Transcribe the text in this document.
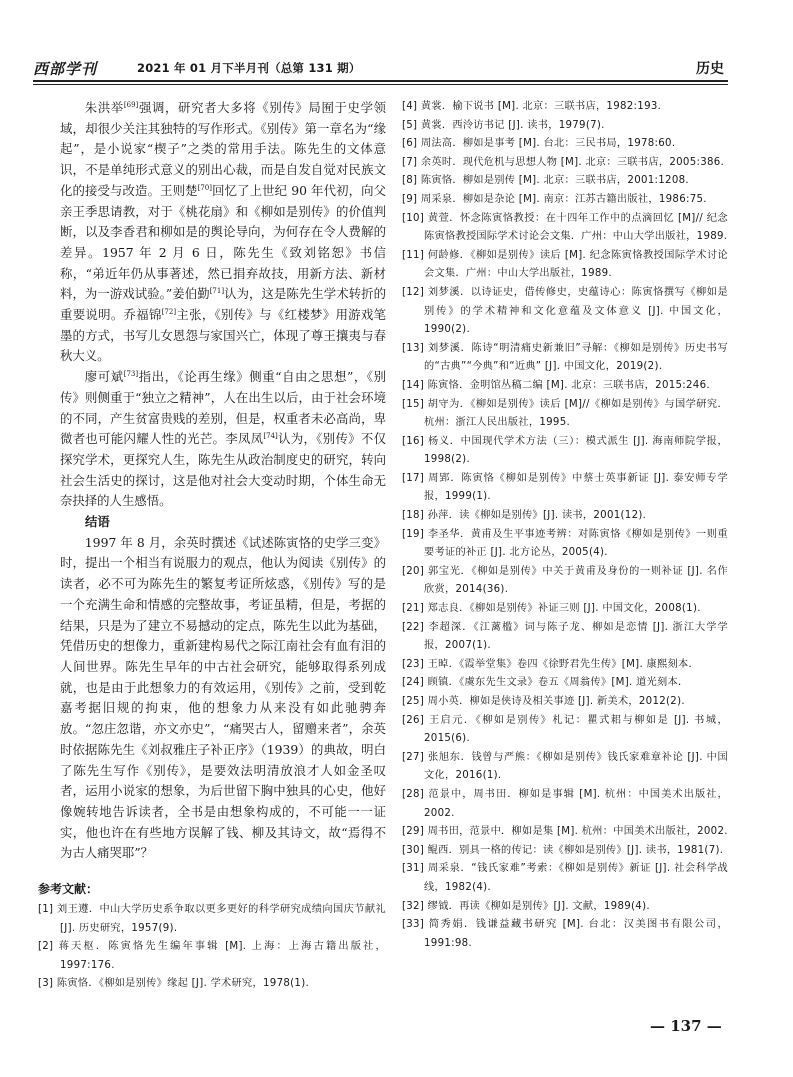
西部学刊	2021 年 01 月下半月刊（总第 131 期）	历史

朱洪举[69]强调，研究者大多将《别传》局囿于史学领域，却很少关注其独特的写作形式。《别传》第一章名为“缘起”，是小说家“楔子”之类的常用手法。陈先生的文体意识，不是单纯形式意义的别出心裁，而是自发自觉对民族文化的接受与改造。王则楚[70]回忆了上世纪 90 年代初，向父亲王季思请教，对于《桃花扇》和《柳如是别传》的价值判断，以及李香君和柳如是的舆论导向，为何存在令人费解的差异。1957 年 2 月 6 日，陈先生《致刘铭恕》书信称，“弟近年仍从事著述，然已捐弃故技，用新方法、新材料，为一游戏试验。”姜伯勤[71]认为，这是陈先生学术转折的重要说明。乔福锦[72]主张，《别传》与《红楼梦》用游戏笔墨的方式，书写儿女恩怨与家国兴亡，体现了尊王攘夷与春秋大义。

廖可斌[73]指出，《论再生缘》侧重“自由之思想”，《别传》则侧重于“独立之精神”，人在出生以后，由于社会环境的不同，产生贫富贵贱的差别，但是，权重者未必高尚，卑微者也可能闪耀人性的光芒。李凤凤[74]认为，《别传》不仅探究学术，更探究人生，陈先生从政治制度史的研究，转向社会生活史的探讨，这是他对社会大变动时期，个体生命无奈抉择的人生感悟。

结语

1997 年 8 月，余英时撰述《试述陈寅恪的史学三变》时，提出一个相当有说服力的观点，他认为阅读《别传》的读者，必不可为陈先生的繁复考证所炫惑，《别传》写的是一个充满生命和情感的完整故事，考证虽精，但是，考据的结果，只是为了建立不易撼动的定点，陈先生以此为基础，凭借历史的想像力，重新建构易代之际江南社会有血有泪的人间世界。陈先生早年的中古社会研究，能够取得系列成就，也是由于此想象力的有效运用，《别传》之前，受到乾嘉考据旧规的拘束，他的想象力从来没有如此驰骋奔放。“忽庄忽谐，亦文亦史”，“痛哭古人，留赠来者”，余英时依据陈先生《刘叔雅庄子补正序》（1939）的典故，明白了陈先生写作《别传》，是要效法明清放浪才人如金圣叹者，运用小说家的想象，为后世留下胸中独具的心史，他好像婉转地告诉读者，全书是由想象构成的，不可能一一证实，他也许在有些地方误解了钱、柳及其诗文，故“焉得不为古人痛哭耶”？

参考文献：
[1] 刘王遵．中山大学历史系争取以更多更好的科学研究成绩向国庆节献礼 [J]. 历史研究，1957(9).
[2] 蒋天枢．陈寅恪先生编年事辑 [M]. 上海：上海古籍出版社，1997:176.
[3] 陈寅恪．《柳如是别传》缘起 [J]. 学术研究，1978(1).
[4] 黄裳．榆下说书 [M]. 北京：三联书店，1982:193.
[5] 黄裳．西泠访书记 [J]. 读书，1979(7).
[6] 周法高．柳如是事考 [M]. 台北：三民书局，1978:60.
[7] 余英时．现代危机与思想人物 [M]. 北京：三联书店，2005:386.
[8] 陈寅恪．柳如是别传 [M]. 北京：三联书店，2001:1208.
[9] 周采泉．柳如是杂论 [M]. 南京：江苏古籍出版社，1986:75.
[10] 黄萱．怀念陈寅恪教授：在十四年工作中的点滴回忆 [M]// 纪念陈寅恪教授国际学术讨论会文集．广州：中山大学出版社，1989.
[11] 何龄修．《柳如是别传》读后 [M]. 纪念陈寅恪教授国际学术讨论会文集．广州：中山大学出版社，1989.
[12] 刘梦溪．以诗证史，借传修史，史蕴诗心：陈寅恪撰写《柳如是别传》的学术精神和文化意蕴及文体意义 [J]. 中国文化，1990(2).
[13] 刘梦溪．陈诗“明清痛史新兼旧”寻解：《柳如是别传》历史书写的“古典”“今典”和“近典” [J]. 中国文化，2019(2).
[14] 陈寅恪．金明馆丛稿二编 [M]. 北京：三联书店，2015:246.
[15] 胡守为．《柳如是别传》读后 [M]//《柳如是别传》与国学研究．杭州：浙江人民出版社，1995.
[16] 杨义．中国现代学术方法（三）：模式派生 [J]. 海南师院学报，1998(2).
[17] 周郢．陈寅恪《柳如是别传》中蔡士英事新证 [J]. 泰安师专学报，1999(1).
[18] 孙萍．读《柳如是别传》[J]. 读书，2001(12).
[19] 李圣华．黄甫及生平事迹考辨：对陈寅恪《柳如是别传》一则重要考证的补正 [J]. 北方论丛，2005(4).
[20] 郭宝光．《柳如是别传》中关于黄甫及身份的一则补证 [J]. 名作欣赏，2014(36).
[21] 郑志良．《柳如是别传》补证三则 [J]. 中国文化，2008(1).
[22] 李超深．《江蓠槛》词与陈子龙、柳如是恋情 [J]. 浙江大学学报，2007(1).
[23] 王晫．《霞举堂集》卷四《徐野君先生传》[M]. 康熙刻本．
[24] 顾镇．《虞东先生文录》卷五《周翁传》[M]. 道光刻本．
[25] 周小英．柳如是侠诗及相关事迹 [J]. 新美术，2012(2).
[26] 王启元．《柳如是别传》札记：瞿式耜与柳如是 [J]. 书城，2015(6).
[27] 张旭东．钱曾与严熊：《柳如是别传》钱氏家难章补论 [J]. 中国文化，2016(1).
[28] 范景中，周书田．柳如是事辑 [M]. 杭州：中国美术出版社，2002.
[29] 周书田，范景中．柳如是集 [M]. 杭州：中国美术出版社，2002.
[30] 鲲西．别具一格的传记：读《柳如是别传》[J]. 读书，1981(7).
[31] 周采泉．“钱氏家难”考索：《柳如是别传》新证 [J]. 社会科学战线，1982(4).
[32] 缪钺．再读《柳如是别传》[J]. 文献，1989(4).
[33] 简秀娟．钱谦益藏书研究 [M]. 台北：汉美图书有限公司，1991:98.
— 137 —
